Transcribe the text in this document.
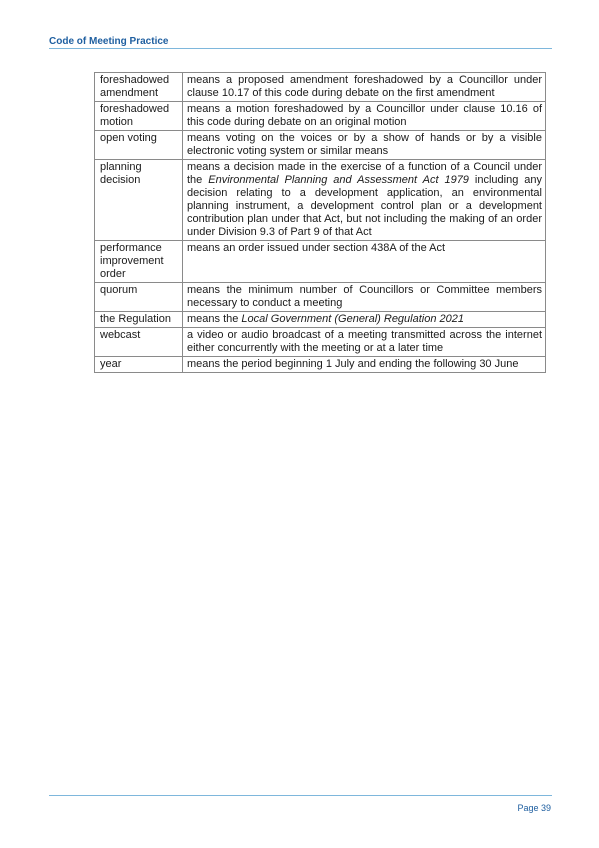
Code of Meeting Practice
foreshadowed amendment	means a proposed amendment foreshadowed by a Councillor under clause 10.17 of this code during debate on the first amendment
foreshadowed motion	means a motion foreshadowed by a Councillor under clause 10.16 of this code during debate on an original motion
open voting	means voting on the voices or by a show of hands or by a visible electronic voting system or similar means
planning decision	means a decision made in the exercise of a function of a Council under the Environmental Planning and Assessment Act 1979 including any decision relating to a development application, an environmental planning instrument, a development control plan or a development contribution plan under that Act, but not including the making of an order under Division 9.3 of Part 9 of that Act
performance improvement order	means an order issued under section 438A of the Act
quorum	means the minimum number of Councillors or Committee members necessary to conduct a meeting
the Regulation	means the Local Government (General) Regulation 2021
webcast	a video or audio broadcast of a meeting transmitted across the internet either concurrently with the meeting or at a later time
year	means the period beginning 1 July and ending the following 30 June
Page 39
